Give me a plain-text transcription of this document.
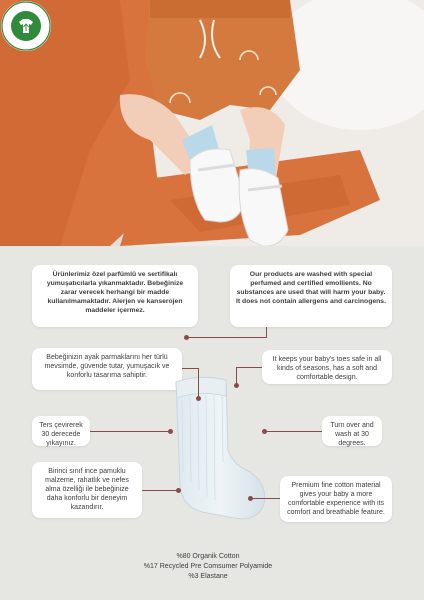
Ürünlerimiz özel parfümlü ve sertifikalı yumuşatıcılarla yıkanmaktadır. Bebeğinize zarar verecek herhangi bir madde kullanılmamaktadır. Alerjen ve kanserojen maddeler içermez.
Our products are washed with special perfumed and certified emollients. No substances are used that will harm your baby. It does not contain allergens and carcinogens.
Bebeğinizin ayak parmaklarını her türlü mevsimde, güvende tutar, yumuşacık ve konforlu tasarıma sahiptir.
It keeps your baby's toes safe in all kinds of seasons, has a soft and comfortable design.
Ters çevirerek 30 derecede yıkayınız.
Turn over and wash at 30 degrees.
Birinci sınıf ince pamuklu malzeme, rahatlık ve nefes alma özelliği ile bebeğinize daha konforlu bir deneyim kazandırır.
Premium fine cotton material gives your baby a more comfortable experience with its comfort and breathable feature.
%80 Organik Cotton
%17 Recycled Pre Comsumer Polyamide
%3 Elastane
